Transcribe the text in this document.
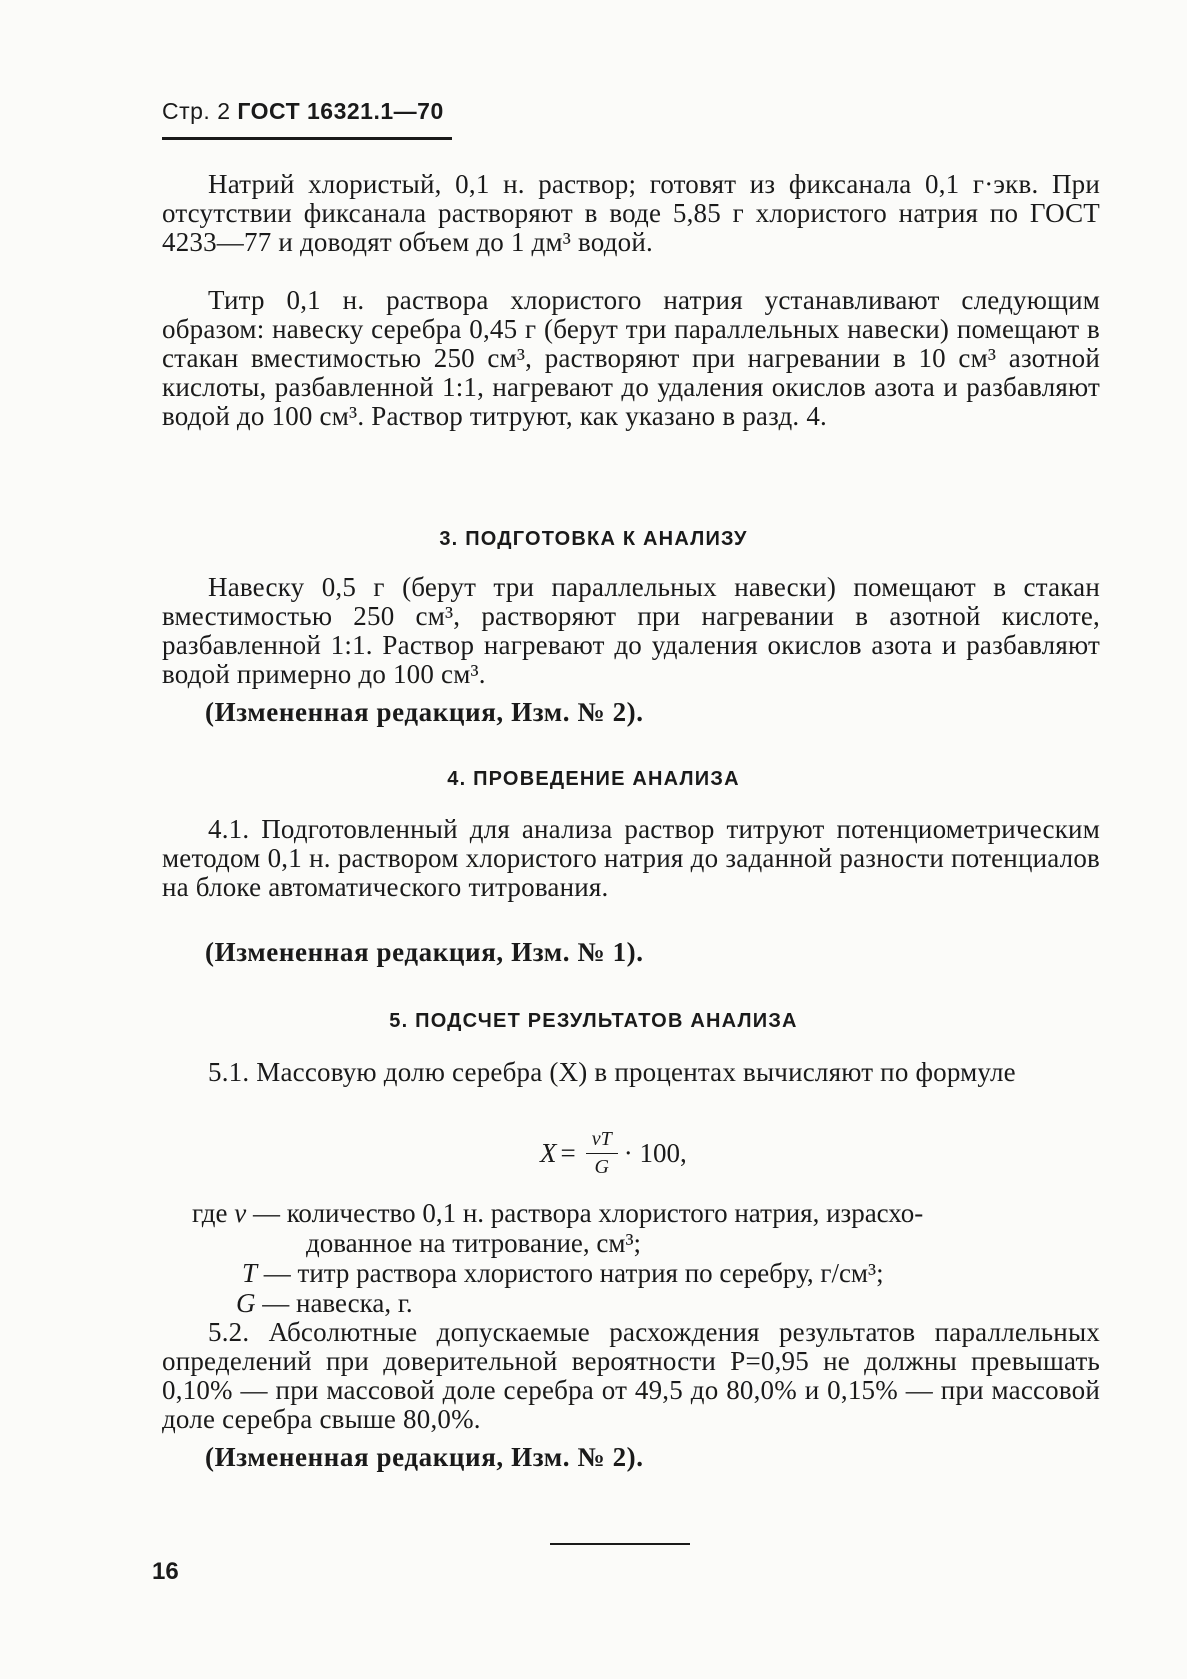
Стр. 2 ГОСТ 16321.1—70

Натрий хлористый, 0,1 н. раствор; готовят из фиксанала 0,1 г·экв. При отсутствии фиксанала растворяют в воде 5,85 г хлористого натрия по ГОСТ 4233—77 и доводят объем до 1 дм³ водой.

Титр 0,1 н. раствора хлористого натрия устанавливают следующим образом: навеску серебра 0,45 г (берут три параллельных навески) помещают в стакан вместимостью 250 см³, растворяют при нагревании в 10 см³ азотной кислоты, разбавленной 1:1, нагревают до удаления окислов азота и разбавляют водой до 100 см³. Раствор титруют, как указано в разд. 4.

3. ПОДГОТОВКА К АНАЛИЗУ

Навеску 0,5 г (берут три параллельных навески) помещают в стакан вместимостью 250 см³, растворяют при нагревании в азотной кислоте, разбавленной 1:1. Раствор нагревают до удаления окислов азота и разбавляют водой примерно до 100 см³.

(Измененная редакция, Изм. № 2).
4. ПРОВЕДЕНИЕ АНАЛИЗА

4.1. Подготовленный для анализа раствор титруют потенциометрическим методом 0,1 н. раствором хлористого натрия до заданной разности потенциалов на блоке автоматического титрования.

(Измененная редакция, Изм. № 1).
5. ПОДСЧЕТ РЕЗУЛЬТАТОВ АНАЛИЗА

5.1. Массовую долю серебра (X) в процентах вычисляют по формуле

$X = \frac{vT}{G} \cdot 100$,
где v — количество 0,1 н. раствора хлористого натрия, израсхо-
дованное на титрование, см³;
T — титр раствора хлористого натрия по серебру, г/см³;
G — навеска, г.

5.2. Абсолютные допускаемые расхождения результатов параллельных определений при доверительной вероятности P=0,95 не должны превышать 0,10% — при массовой доле серебра от 49,5 до 80,0% и 0,15% — при массовой доле серебра свыше 80,0%.

(Измененная редакция, Изм. № 2).
16
